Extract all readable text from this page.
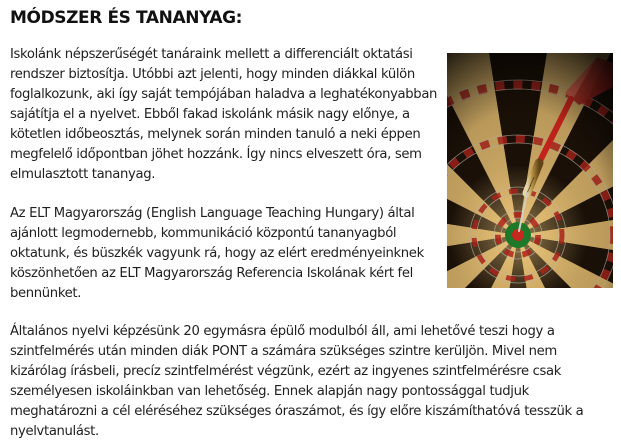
MÓDSZER ÉS TANANYAG:

Iskolánk népszerűségét tanáraink mellett a differenciált oktatási rendszer biztosítja. Utóbbi azt jelenti, hogy minden diákkal külön foglalkozunk, aki így saját tempójában haladva a leghatékonyabban sajátítja el a nyelvet. Ebből fakad iskolánk másik nagy előnye, a kötetlen időbeosztás, melynek során minden tanuló a neki éppen megfelelő időpontban jöhet hozzánk. Így nincs elveszett óra, sem elmulasztott tananyag.

Az ELT Magyarország (English Language Teaching Hungary) által ajánlott legmodernebb, kommunikáció központú tananyagból oktatunk, és büszkék vagyunk rá, hogy az elért eredményeinknek köszönhetően az ELT Magyarország Referencia Iskolának kért fel bennünket.

Általános nyelvi képzésünk 20 egymásra épülő modulból áll, ami lehetővé teszi hogy a szintfelmérés után minden diák PONT a számára szükséges szintre kerüljön. Mivel nem kizárólag írásbeli, precíz szintfelmérést végzünk, ezért az ingyenes szintfelmérésre csak személyesen iskoláinkban van lehetőség. Ennek alapján nagy pontossággal tudjuk meghatározni a cél eléréséhez szükséges óraszámot, és így előre kiszámíthatóvá tesszük a nyelvtanulást.
